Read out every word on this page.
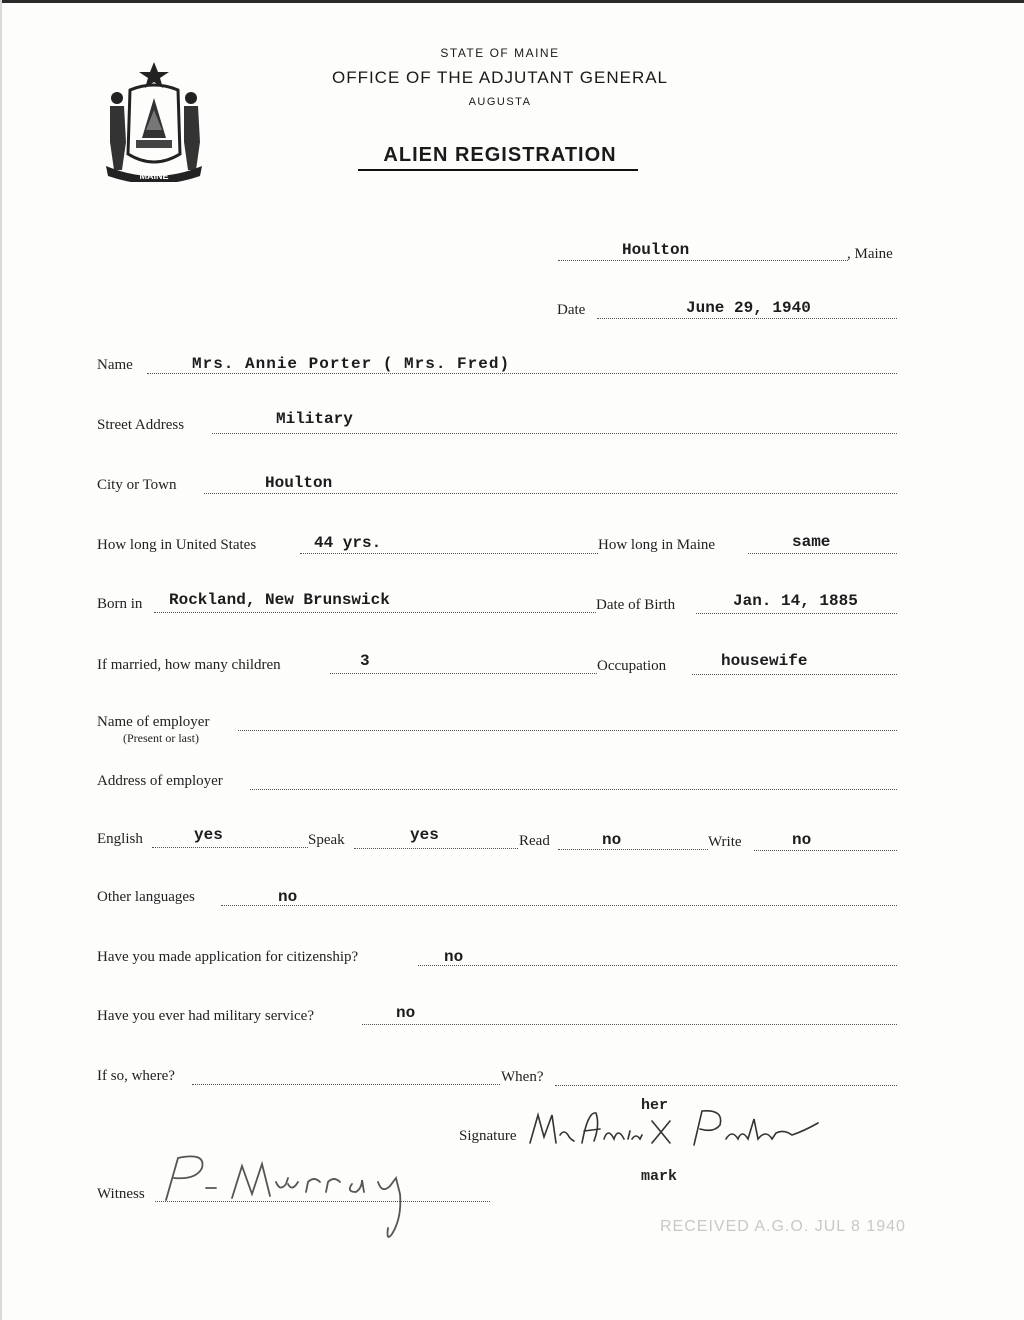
MAINE
STATE OF MAINE
OFFICE OF THE ADJUTANT GENERAL
AUGUSTA
ALIEN REGISTRATION
Houlton	, Maine
Date	June 29, 1940
Name	Mrs. Annie Porter ( Mrs. Fred)
Street Address	Military
City or Town	Houlton
How long in United States	44 yrs.	How long in Maine	same
Born in Rockland, New Brunswick	Date of Birth	Jan. 14, 1885
If married, how many children	3	Occupation	housewife
Name of employer
(Present or last)
Address of employer
English	yes	Speak	yes	Read	no	Write	no
Other languages	no
Have you made application for citizenship?	no
Have you ever had military service?	no
If so, where?	When?
Signature
her
mark
Witness
RECEIVED A.G.O. JUL 8 1940
